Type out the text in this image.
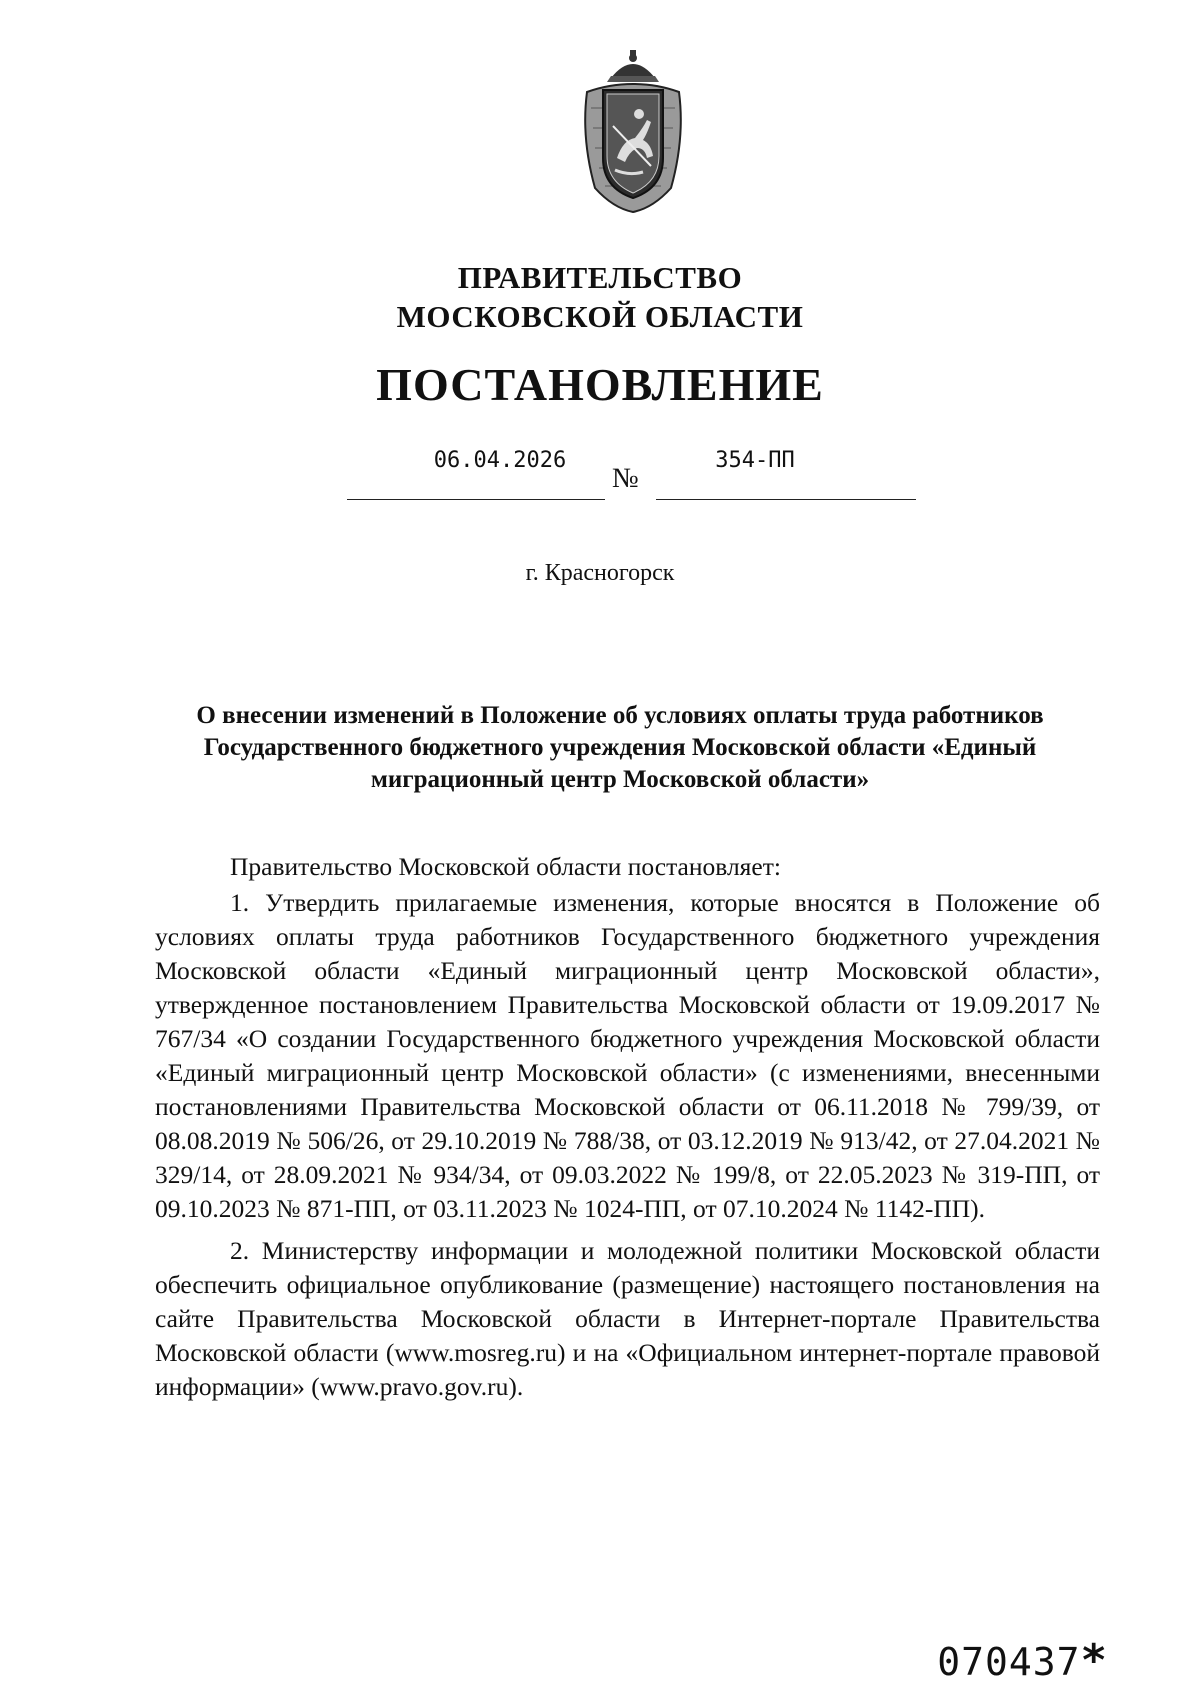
ПРАВИТЕЛЬСТВО
МОСКОВСКОЙ ОБЛАСТИ
ПОСТАНОВЛЕНИЕ
06.04.2026
№
354-ПП
г. Красногорск
О внесении изменений в Положение об условиях оплаты труда работников Государственного бюджетного учреждения Московской области «Единый миграционный центр Московской области»

Правительство Московской области постановляет:

1. Утвердить прилагаемые изменения, которые вносятся в Положение об условиях оплаты труда работников Государственного бюджетного учреждения Московской области «Единый миграционный центр Московской области», утвержденное постановлением Правительства Московской области от 19.09.2017 № 767/34 «О создании Государственного бюджетного учреждения Московской области «Единый миграционный центр Московской области» (с изменениями, внесенными постановлениями Правительства Московской области от 06.11.2018 № 799/39, от 08.08.2019 № 506/26, от 29.10.2019 № 788/38, от 03.12.2019 № 913/42, от 27.04.2021 № 329/14, от 28.09.2021 № 934/34, от 09.03.2022 № 199/8, от 22.05.2023 № 319-ПП, от 09.10.2023 № 871-ПП, от 03.11.2023 № 1024-ПП, от 07.10.2024 № 1142-ПП).

2. Министерству информации и молодежной политики Московской области обеспечить официальное опубликование (размещение) настоящего постановления на сайте Правительства Московской области в Интернет-портале Правительства Московской области (www.mosreg.ru) и на «Официальном интернет-портале правовой информации» (www.pravo.gov.ru).

070437*
